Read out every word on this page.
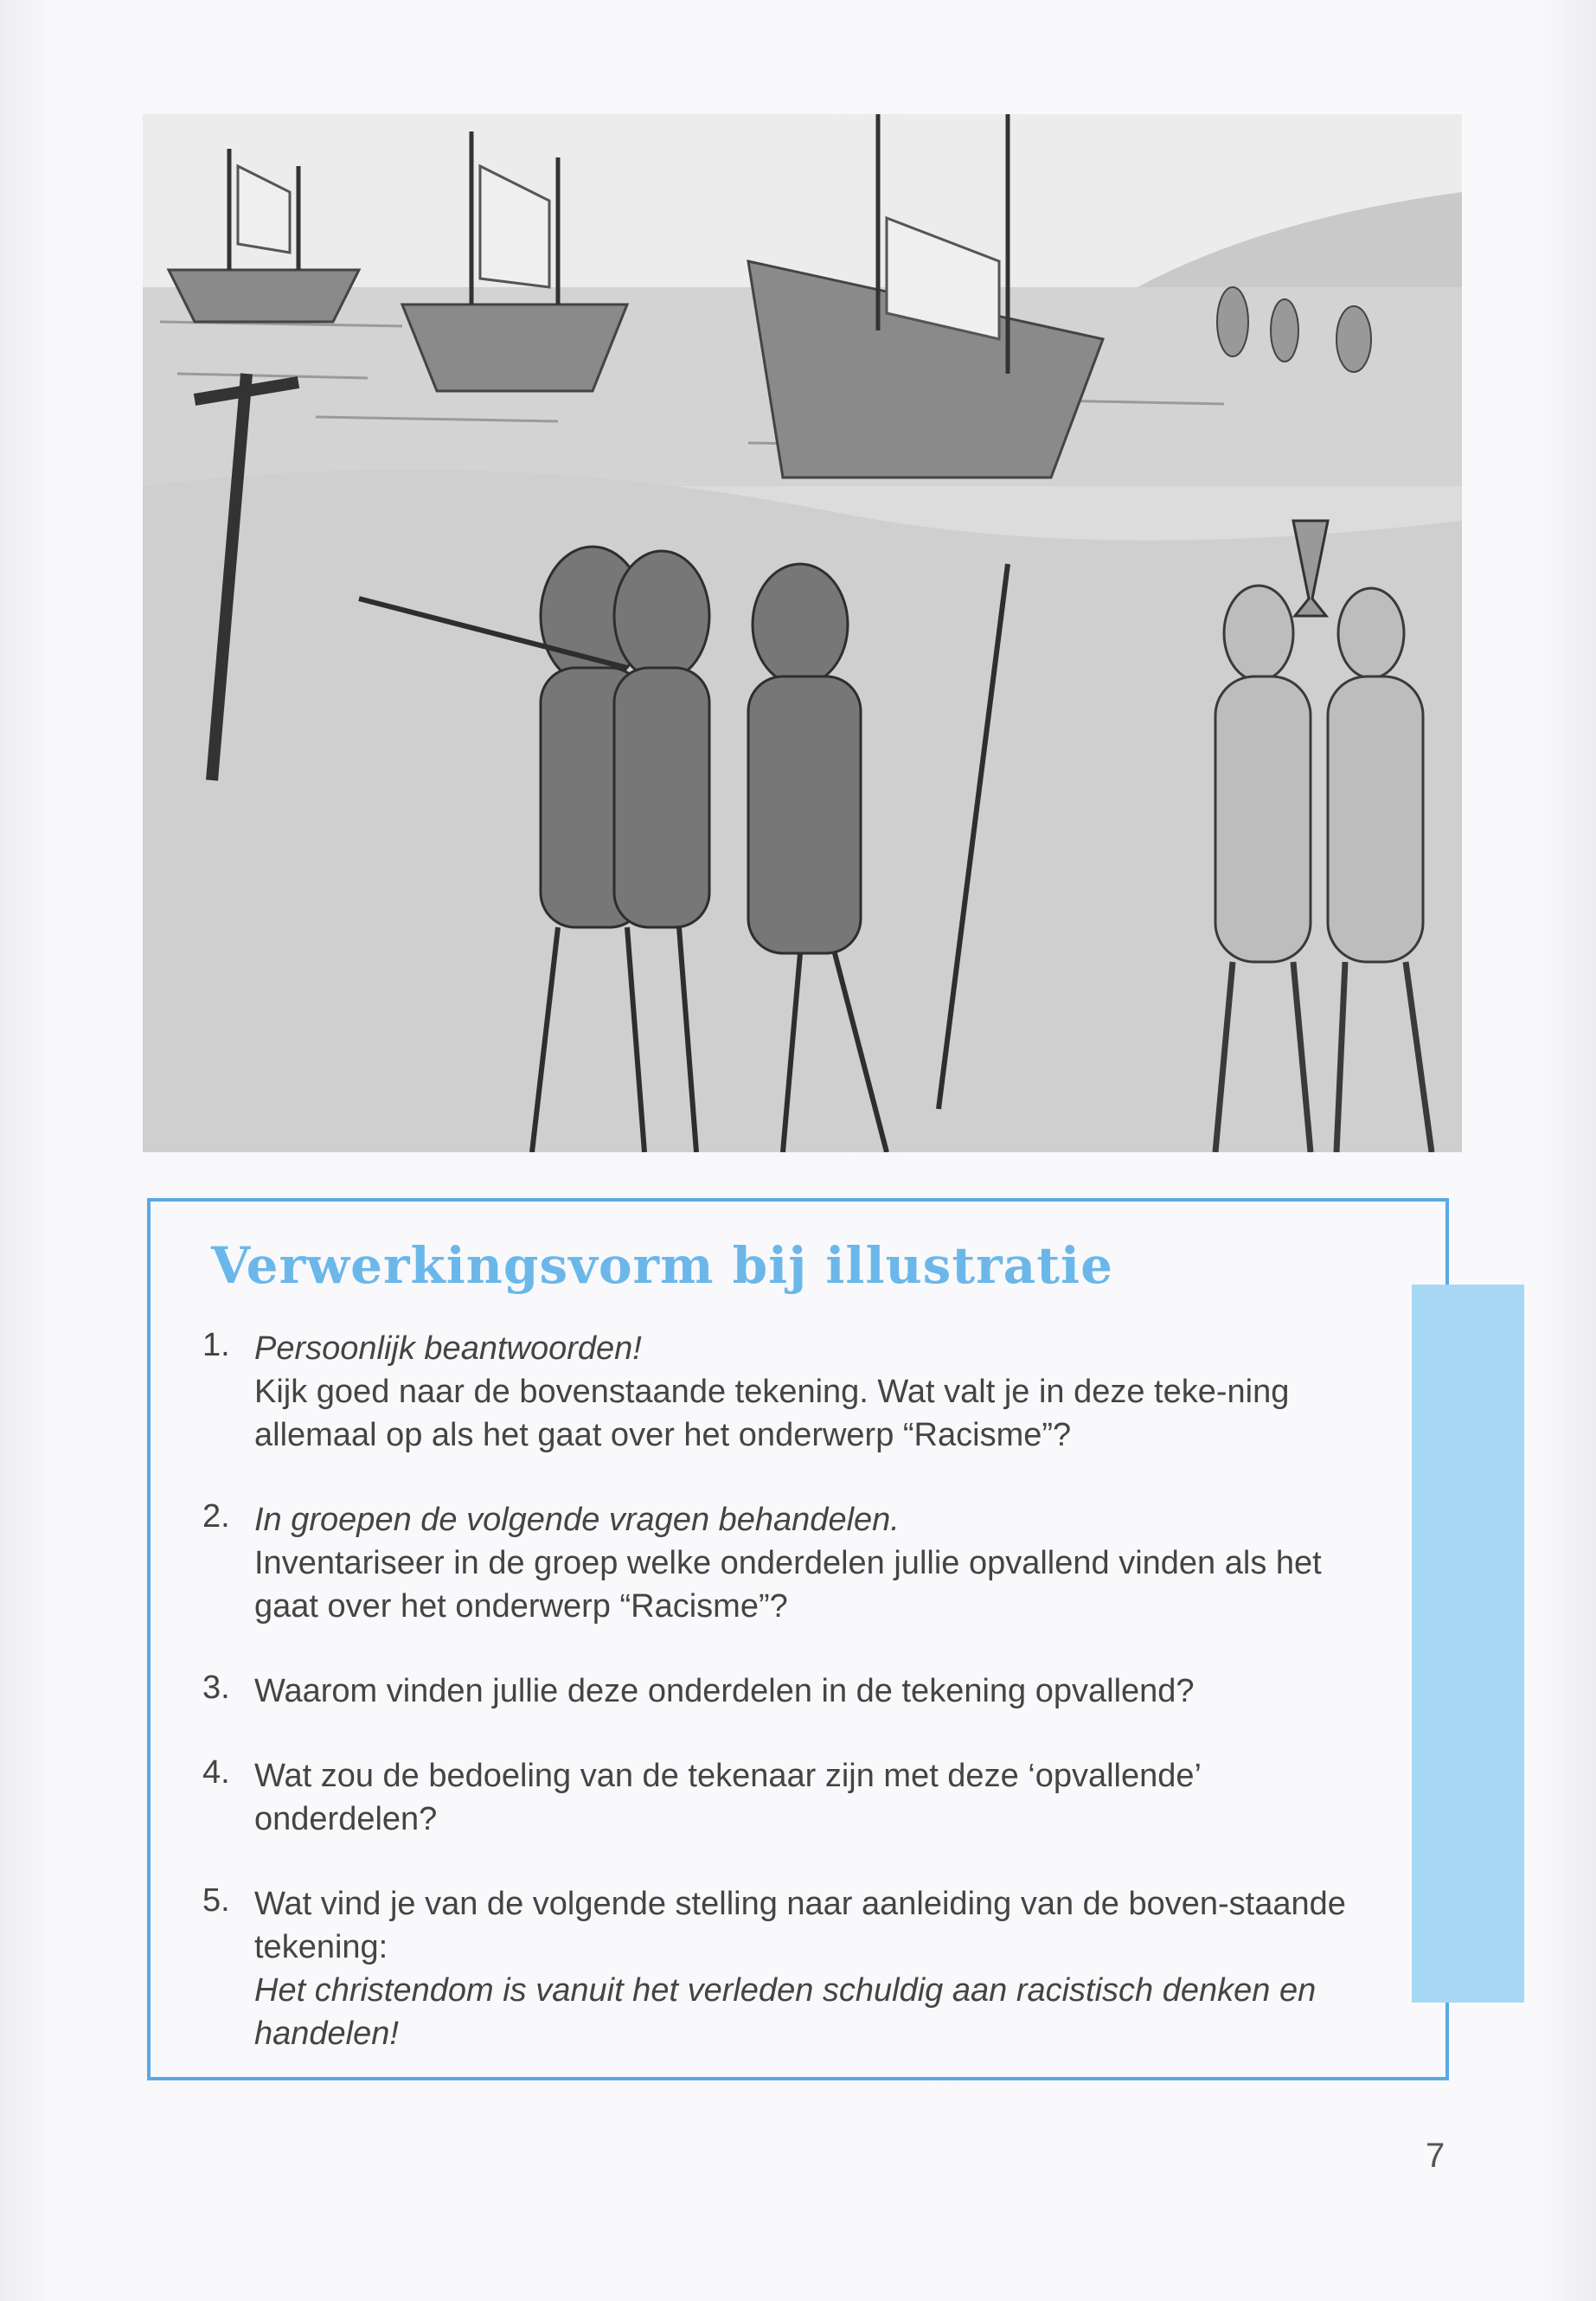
Verwerkingsvorm bij illustratie
1. Persoonlijk beantwoorden!
Kijk goed naar de bovenstaande tekening. Wat valt je in deze teke-ning allemaal op als het gaat over het onderwerp “Racisme”?
2. In groepen de volgende vragen behandelen.
Inventariseer in de groep welke onderdelen jullie opvallend vinden als het gaat over het onderwerp “Racisme”?
3. Waarom vinden jullie deze onderdelen in de tekening opvallend?
4. Wat zou de bedoeling van de tekenaar zijn met deze ‘opvallende’ onderdelen?
5. Wat vind je van de volgende stelling naar aanleiding van de boven-staande tekening:
Het christendom is vanuit het verleden schuldig aan racistisch denken en handelen!
7
